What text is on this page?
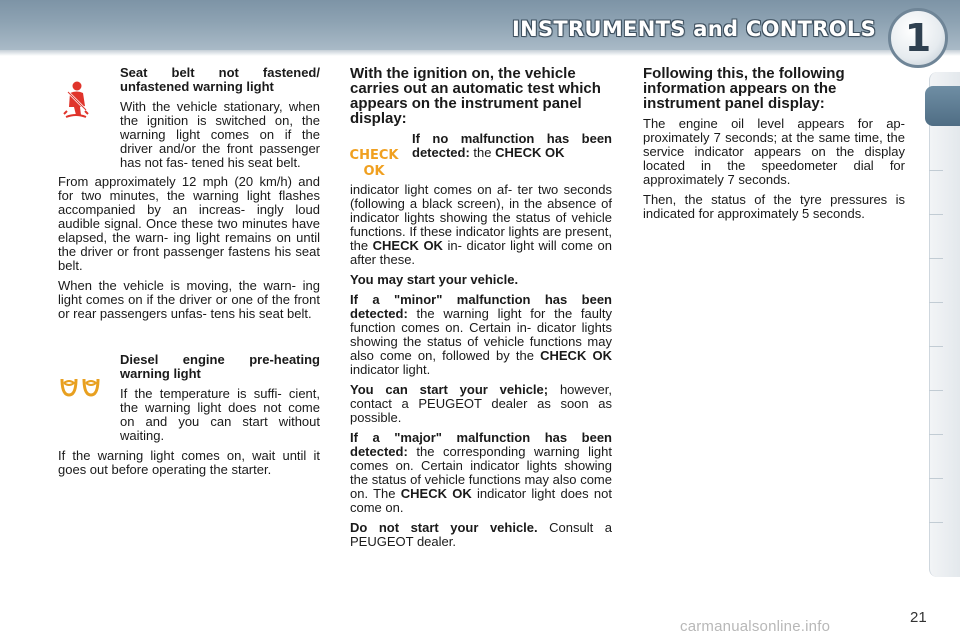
INSTRUMENTS and CONTROLS 1

Seat belt not fastened/ unfastened warning light

With the vehicle stationary, when the ignition is switched on, the warning light comes on if the driver and/or the front passenger has not fas- tened his seat belt.

From approximately 12 mph (20 km/h) and for two minutes, the warning light flashes accompanied by an increas- ingly loud audible signal. Once these two minutes have elapsed, the warn- ing light remains on until the driver or front passenger fastens his seat belt.

When the vehicle is moving, the warn- ing light comes on if the driver or one of the front or rear passengers unfas- tens his seat belt.

Diesel engine pre-heating warning light

If the temperature is suffi- cient, the warning light does not come on and you can start without waiting.

If the warning light comes on, wait until it goes out before operating the starter.

With the ignition on, the vehicle carries out an automatic test which appears on the instrument panel display:

CHECK
OK

If no malfunction has been detected: the CHECK OK

indicator light comes on af- ter two seconds (following a black screen), in the absence of indicator lights showing the status of vehicle functions. If these indicator lights are present, the CHECK OK in- dicator light will come on after these.

You may start your vehicle.

If a "minor" malfunction has been detected: the warning light for the faulty function comes on. Certain in- dicator lights showing the status of vehicle functions may also come on, followed by the CHECK OK indicator light.

You can start your vehicle; however, contact a PEUGEOT dealer as soon as possible.

If a "major" malfunction has been detected: the corresponding warning light comes on. Certain indicator lights showing the status of vehicle functions may also come on. The CHECK OK indicator light does not come on.

Do not start your vehicle. Consult a PEUGEOT dealer.

Following this, the following information appears on the instrument panel display:

The engine oil level appears for ap- proximately 7 seconds; at the same time, the service indicator appears on the display located in the speedometer dial for approximately 7 seconds.

Then, the status of the tyre pressures is indicated for approximately 5 seconds.

21
carmanualsonline.info
